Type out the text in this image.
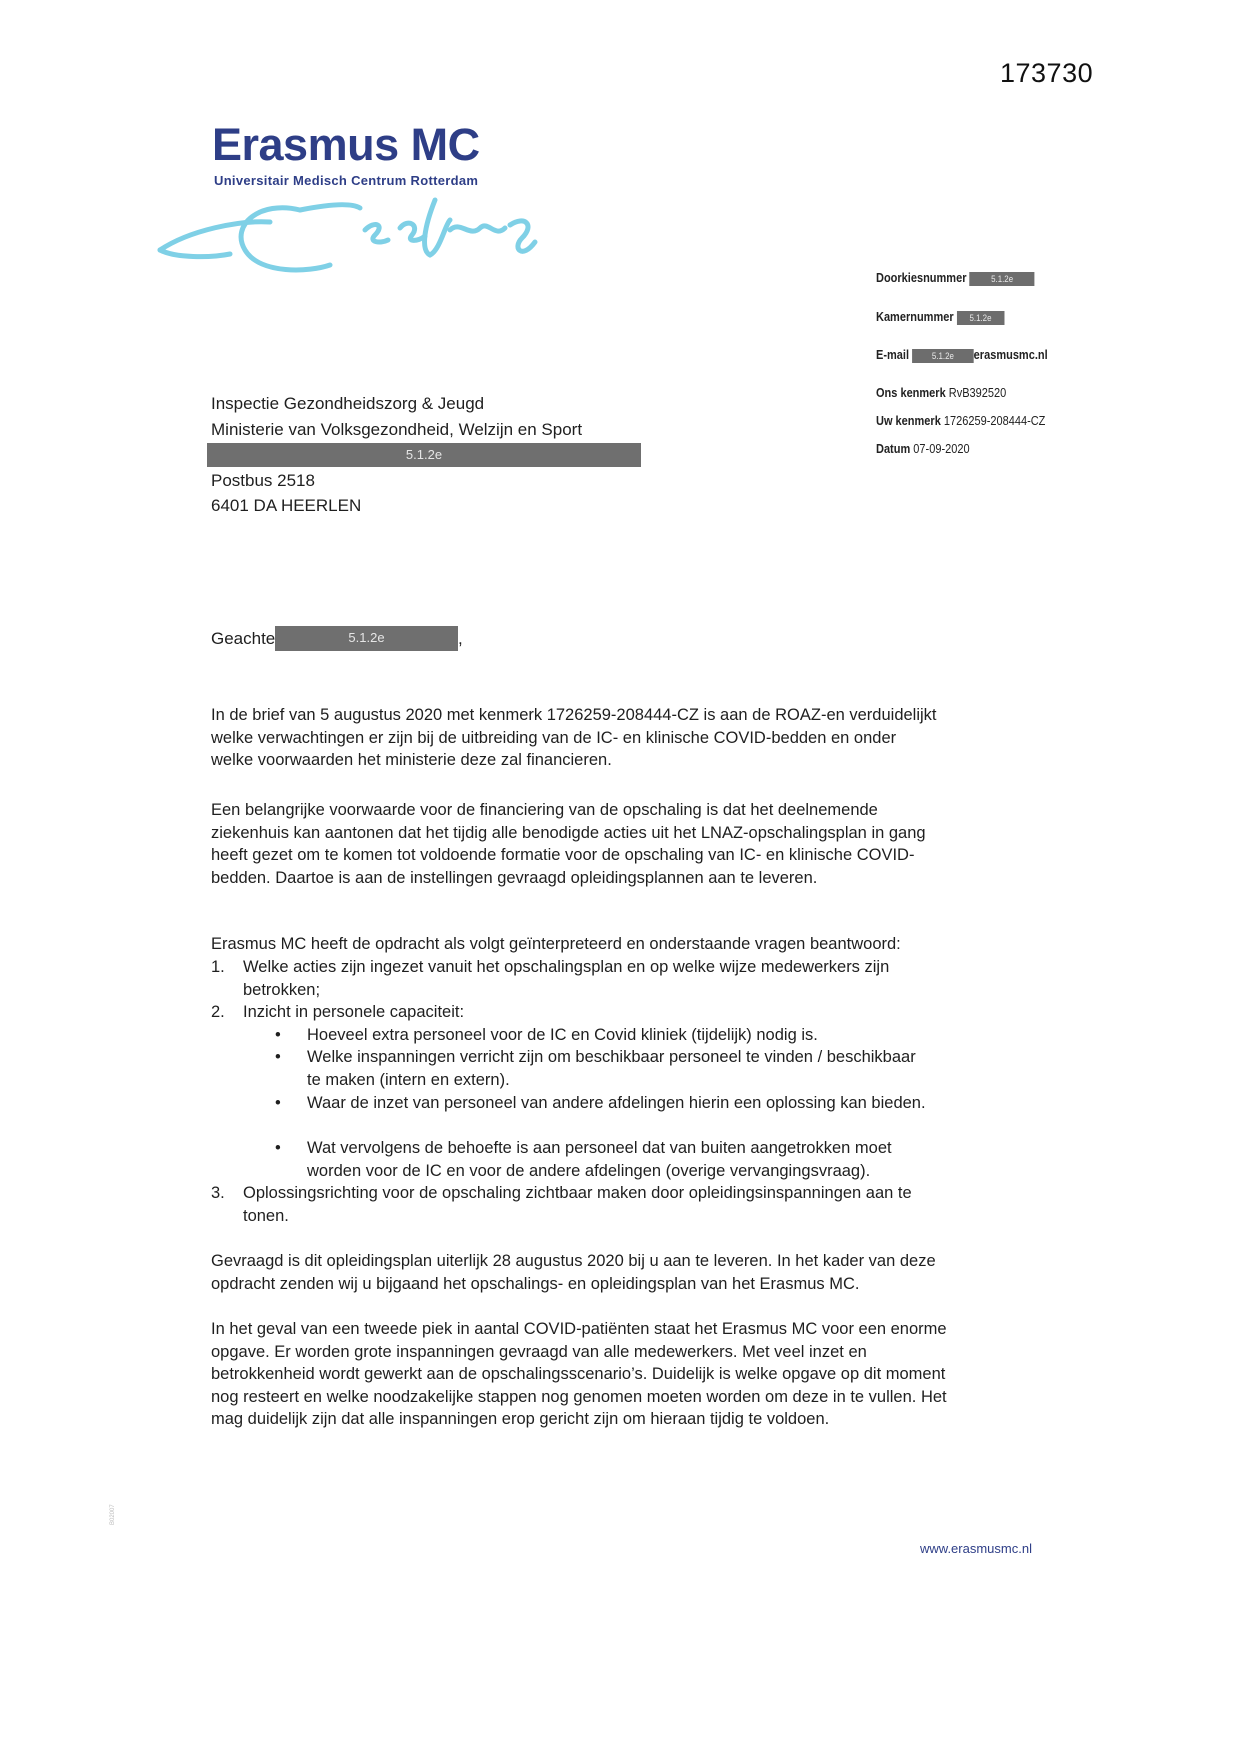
173730
Erasmus MC
Universitair Medisch Centrum Rotterdam
Doorkiesnummer	5.1.2e
Kamernummer 5.1.2e
E-mail	5.1.2e erasmusmc.nl
Ons kenmerk RvB392520
Uw kenmerk 1726259-208444-CZ
Datum 07-09-2020
Inspectie Gezondheidszorg & Jeugd
Ministerie van Volksgezondheid, Welzijn en Sport
5.1.2e
Postbus 2518
6401 DA HEERLEN
Geachte	5.1.2e	,

In de brief van 5 augustus 2020 met kenmerk 1726259-208444-CZ is aan de ROAZ-en verduidelijkt welke verwachtingen er zijn bij de uitbreiding van de IC- en klinische COVID-bedden en onder welke voorwaarden het ministerie deze zal financieren.

Een belangrijke voorwaarde voor de financiering van de opschaling is dat het deelnemende ziekenhuis kan aantonen dat het tijdig alle benodigde acties uit het LNAZ-opschalingsplan in gang heeft gezet om te komen tot voldoende formatie voor de opschaling van IC- en klinische COVID-bedden. Daartoe is aan de instellingen gevraagd opleidingsplannen aan te leveren.

Erasmus MC heeft de opdracht als volgt geïnterpreteerd en onderstaande vragen beantwoord:

1. Welke acties zijn ingezet vanuit het opschalingsplan en op welke wijze medewerkers zijn betrokken;
2. Inzicht in personele capaciteit:
• Hoeveel extra personeel voor de IC en Covid kliniek (tijdelijk) nodig is.
• Welke inspanningen verricht zijn om beschikbaar personeel te vinden / beschikbaar te maken (intern en extern).
• Waar de inzet van personeel van andere afdelingen hierin een oplossing kan bieden.
• Wat vervolgens de behoefte is aan personeel dat van buiten aangetrokken moet worden voor de IC en voor de andere afdelingen (overige vervangingsvraag).
3. Oplossingsrichting voor de opschaling zichtbaar maken door opleidingsinspanningen aan te tonen.

Gevraagd is dit opleidingsplan uiterlijk 28 augustus 2020 bij u aan te leveren. In het kader van deze opdracht zenden wij u bijgaand het opschalings- en opleidingsplan van het Erasmus MC.

In het geval van een tweede piek in aantal COVID-patiënten staat het Erasmus MC voor een enorme opgave. Er worden grote inspanningen gevraagd van alle medewerkers. Met veel inzet en betrokkenheid wordt gewerkt aan de opschalingsscenario’s. Duidelijk is welke opgave op dit moment nog resteert en welke noodzakelijke stappen nog genomen moeten worden om deze in te vullen. Het mag duidelijk zijn dat alle inspanningen erop gericht zijn om hieraan tijdig te voldoen.

B02007
www.erasmusmc.nl
